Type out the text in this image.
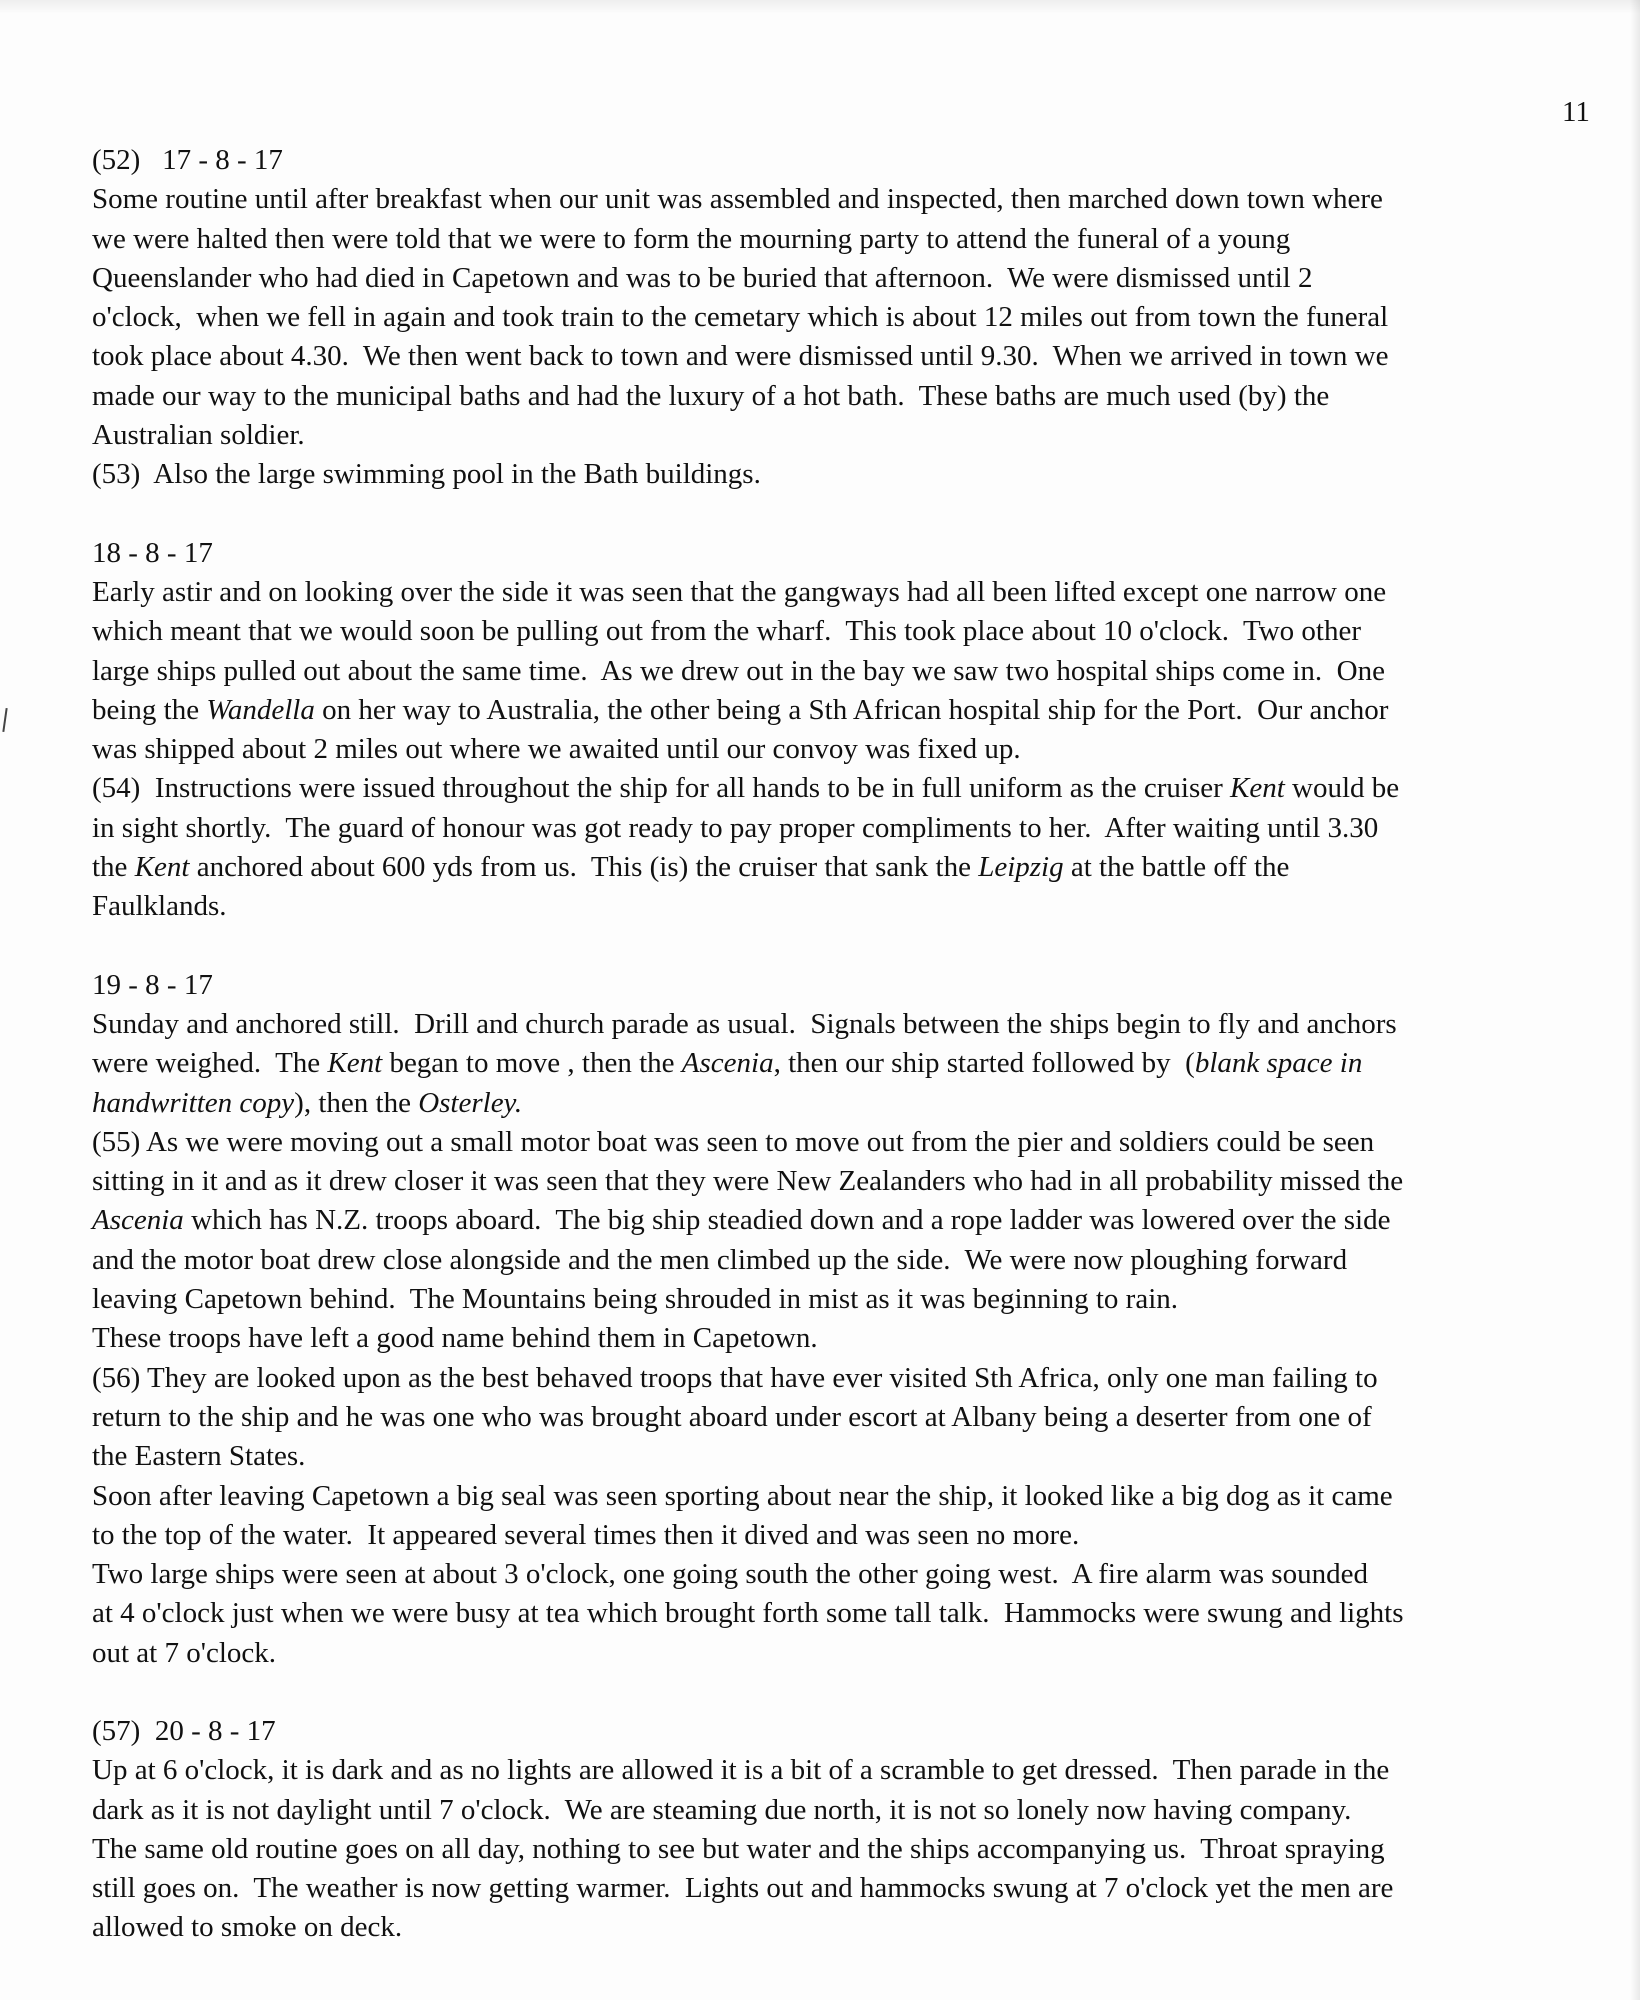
11

(52)   17 - 8 - 17

Some routine until after breakfast when our unit was assembled and inspected, then marched down town where

we were halted then were told that we were to form the mourning party to attend the funeral of a young

Queenslander who had died in Capetown and was to be buried that afternoon.  We were dismissed until 2

o'clock,  when we fell in again and took train to the cemetary which is about 12 miles out from town the funeral

took place about 4.30.  We then went back to town and were dismissed until 9.30.  When we arrived in town we

made our way to the municipal baths and had the luxury of a hot bath.  These baths are much used (by) the

Australian soldier.

(53)  Also the large swimming pool in the Bath buildings.

18 - 8 - 17

Early astir and on looking over the side it was seen that the gangways had all been lifted except one narrow one

which meant that we would soon be pulling out from the wharf.  This took place about 10 o'clock.  Two other

large ships pulled out about the same time.  As we drew out in the bay we saw two hospital ships come in.  One

being the Wandella on her way to Australia, the other being a Sth African hospital ship for the Port.  Our anchor

was shipped about 2 miles out where we awaited until our convoy was fixed up.

(54)  Instructions were issued throughout the ship for all hands to be in full uniform as the cruiser Kent would be

in sight shortly.  The guard of honour was got ready to pay proper compliments to her.  After waiting until 3.30

the Kent anchored about 600 yds from us.  This (is) the cruiser that sank the Leipzig at the battle off the

Faulklands.

19 - 8 - 17

Sunday and anchored still.  Drill and church parade as usual.  Signals between the ships begin to fly and anchors

were weighed.  The Kent began to move , then the Ascenia, then our ship started followed by  (blank space in

handwritten copy), then the Osterley.

(55) As we were moving out a small motor boat was seen to move out from the pier and soldiers could be seen

sitting in it and as it drew closer it was seen that they were New Zealanders who had in all probability missed the

Ascenia which has N.Z. troops aboard.  The big ship steadied down and a rope ladder was lowered over the side

and the motor boat drew close alongside and the men climbed up the side.  We were now ploughing forward

leaving Capetown behind.  The Mountains being shrouded in mist as it was beginning to rain.

These troops have left a good name behind them in Capetown.

(56) They are looked upon as the best behaved troops that have ever visited Sth Africa, only one man failing to

return to the ship and he was one who was brought aboard under escort at Albany being a deserter from one of

the Eastern States.

Soon after leaving Capetown a big seal was seen sporting about near the ship, it looked like a big dog as it came

to the top of the water.  It appeared several times then it dived and was seen no more.

Two large ships were seen at about 3 o'clock, one going south the other going west.  A fire alarm was sounded

at 4 o'clock just when we were busy at tea which brought forth some tall talk.  Hammocks were swung and lights

out at 7 o'clock.

(57)  20 - 8 - 17

Up at 6 o'clock, it is dark and as no lights are allowed it is a bit of a scramble to get dressed.  Then parade in the

dark as it is not daylight until 7 o'clock.  We are steaming due north, it is not so lonely now having company.

The same old routine goes on all day, nothing to see but water and the ships accompanying us.  Throat spraying

still goes on.  The weather is now getting warmer.  Lights out and hammocks swung at 7 o'clock yet the men are

allowed to smoke on deck.
